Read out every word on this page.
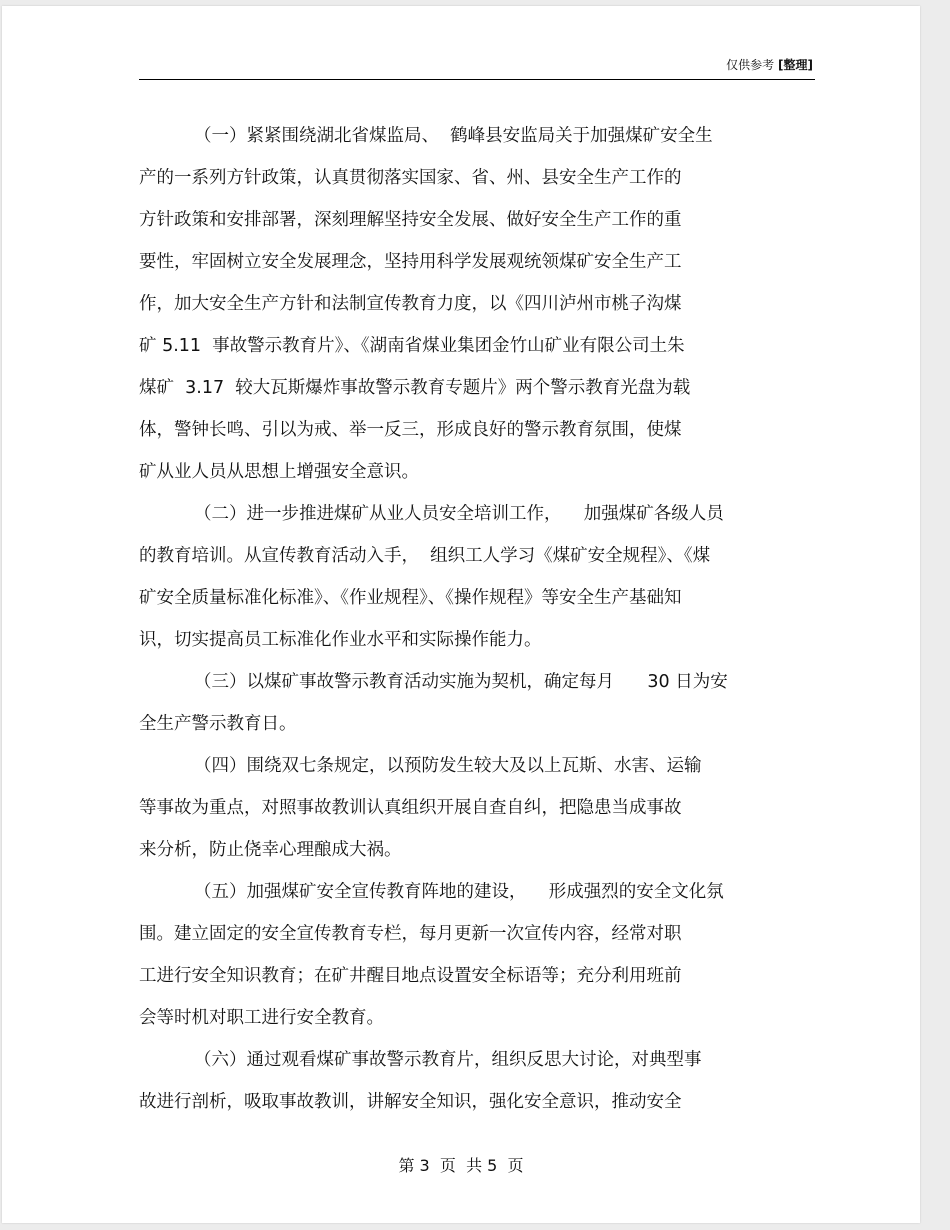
仅供参考 [整理]
（一）紧紧围绕湖北省煤监局、  鹤峰县安监局关于加强煤矿安全生
产的一系列方针政策，认真贯彻落实国家、省、州、县安全生产工作的
方针政策和安排部署，深刻理解坚持安全发展、做好安全生产工作的重
要性，牢固树立安全发展理念，坚持用科学发展观统领煤矿安全生产工
作，加大安全生产方针和法制宣传教育力度，以《四川泸州市桃子沟煤
矿 5.11  事故警示教育片》、《湖南省煤业集团金竹山矿业有限公司土朱
煤矿  3.17  较大瓦斯爆炸事故警示教育专题片》两个警示教育光盘为载
体，警钟长鸣、引以为戒、举一反三，形成良好的警示教育氛围，使煤
矿从业人员从思想上增强安全意识。
（二）进一步推进煤矿从业人员安全培训工作，    加强煤矿各级人员
的教育培训。从宣传教育活动入手，  组织工人学习《煤矿安全规程》、《煤
矿安全质量标准化标准》、《作业规程》、《操作规程》等安全生产基础知
识，切实提高员工标准化作业水平和实际操作能力。
（三）以煤矿事故警示教育活动实施为契机，确定每月      30 日为安
全生产警示教育日。
（四）围绕双七条规定，以预防发生较大及以上瓦斯、水害、运输
等事故为重点，对照事故教训认真组织开展自查自纠，把隐患当成事故
来分析，防止侥幸心理酿成大祸。
（五）加强煤矿安全宣传教育阵地的建设，    形成强烈的安全文化氛
围。建立固定的安全宣传教育专栏，每月更新一次宣传内容，经常对职
工进行安全知识教育；在矿井醒目地点设置安全标语等；充分利用班前
会等时机对职工进行安全教育。
（六）通过观看煤矿事故警示教育片，组织反思大讨论，对典型事
故进行剖析，吸取事故教训，讲解安全知识，强化安全意识，推动安全
第 3  页  共 5  页
